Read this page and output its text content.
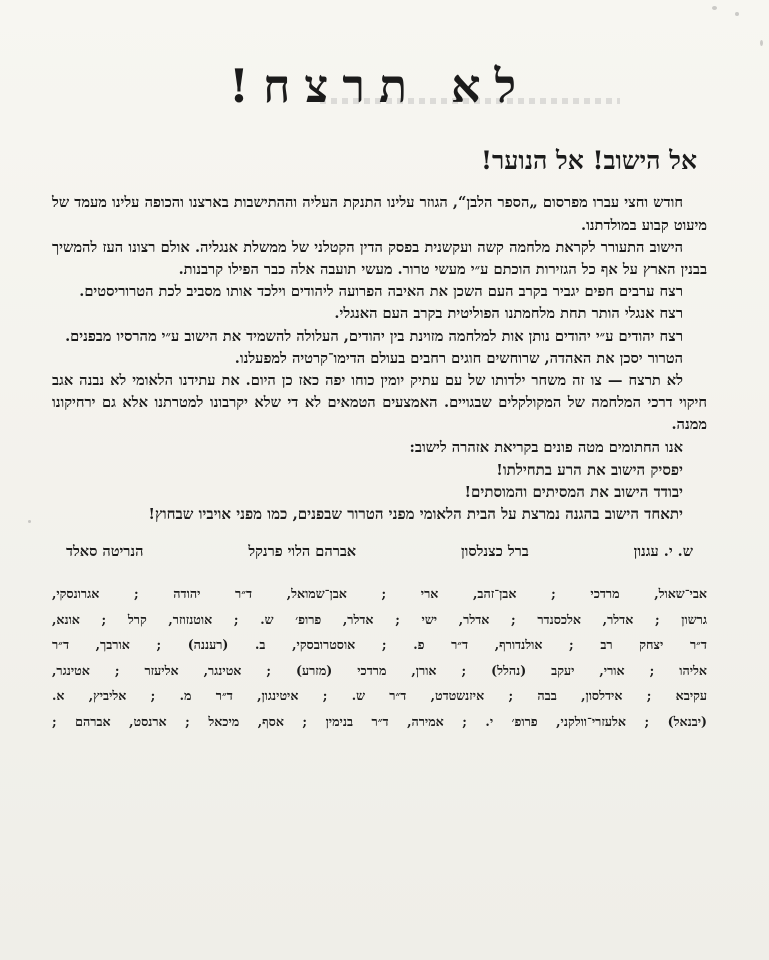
לא תרצח!
אל הישוב! אל הנוער!

חודש וחצי עברו מפרסום „הספר הלבן“, הגוזר עלינו התנקת העליה וההתישבות בארצנו והכופה עלינו מעמד של מיעוט קבוע במולדתנו.

הישוב התעורר לקראת מלחמה קשה ועקשנית בפסק הדין הקטלני של ממשלת אנגליה. אולם רצונו העז להמשיך בבנין הארץ על אף כל הגזירות הוכתם ע״י מעשי טרור. מעשי תועבה אלה כבר הפילו קרבנות.

רצח ערבים חפים יגביר בקרב העם השכן את האיבה הפרועה ליהודים וילכד אותו מסביב לכת הטרוריסטים.

רצח אנגלי הותר תחת מלחמתנו הפוליטית בקרב העם האנגלי.

רצח יהודים ע״י יהודים נותן אות למלחמה מזוינת בין יהודים, העלולה להשמיד את הישוב ע״י מהרסיו מבפנים.

הטרור יסכן את האהדה, שרוחשים חוגים רחבים בעולם הדימו־קרטיה למפעלנו.

לא תרצח — צו זה משחר ילדותו של עם עתיק יומין כוחו יפה כאז כן היום. את עתידנו הלאומי לא נבנה אגב חיקוי דרכי המלחמה של המקולקלים שבגויים. האמצעים הטמאים לא די שלא יקרבונו למטרתנו אלא גם ירחיקונו ממנה.

אנו החתומים מטה פונים בקריאת אזהרה לישוב:

יפסיק הישוב את הרע בתחילתו!

יבודד הישוב את המסיתים והמוסתים!

יתאחד הישוב בהגנה נמרצת על הבית הלאומי מפני הטרור שבפנים, כמו מפני אויביו שבחוץ!

ש. י. עגנון
ברל כצנלסון
אברהם הלוי פרנקל
הנריטה סאלד

אבי־שאול, מרדכי ; אבן־זהב, ארי ; אבן־שמואל, ד״ר יהודה ; אגרונסקי,

גרשון ; אדלר, אלכסנדר ; אדלר, ישי ; אדלר, פרופ׳ ש. ; אוטנזוזר, קרל ; אונא,

ד״ר יצחק רב ; אולנדורף, ד״ר פ. ; אוסטרובסקי, ב. (רעננה) ; אורבך, ד״ר

אליהו ; אורי, יעקב (נהלל) ; אורן, מרדכי (מזרע) ; אטינגר, אליעזר ; אטינגר,

עקיבא ; אידלסון, בבה ; איזנשטדט, ד״ר ש. ; איטינגון, ד״ר מ. ; אליביץ, א.

(יבנאל) ; אלעזרי־וולקני, פרופ׳ י. ; אמירה, ד״ר בנימין ; אסף, מיכאל ; ארנסט, אברהם ;
